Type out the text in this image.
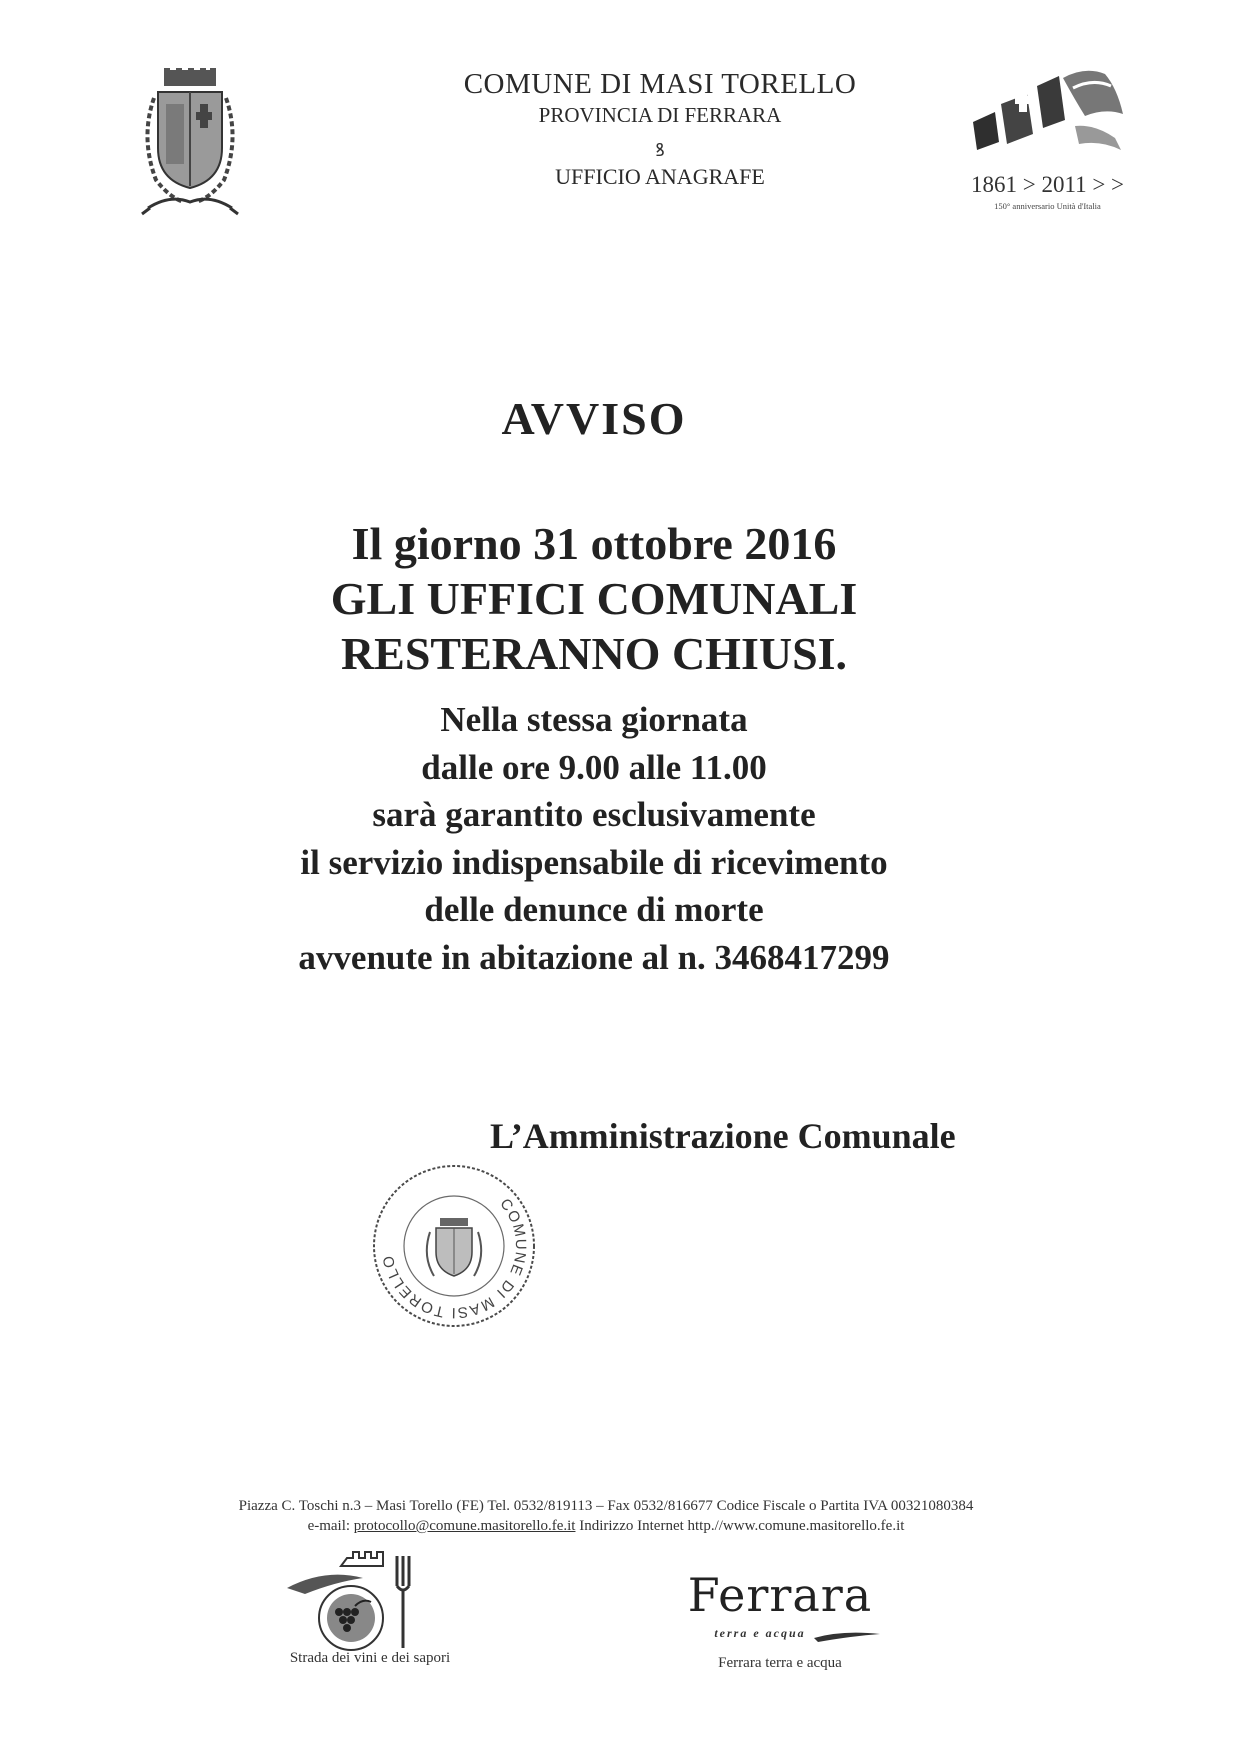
COMUNE DI MASI TORELLO
PROVINCIA DI FERRARA
ꝸ
UFFICIO ANAGRAFE	1861 > 2011 > >
150° anniversario Unità d'Italia
AVVISO
Il giorno 31 ottobre 2016
GLI UFFICI COMUNALI
RESTERANNO CHIUSI.
Nella stessa giornata
dalle ore 9.00 alle 11.00
sarà garantito esclusivamente
il servizio indispensabile di ricevimento
delle denunce di morte
avvenute in abitazione al n. 3468417299
L’Amministrazione Comunale
COMUNE DI MASI TORELLO
Piazza C. Toschi n.3 – Masi Torello (FE) Tel. 0532/819113 – Fax 0532/816677 Codice Fiscale o Partita IVA 00321080384
e-mail: protocollo@comune.masitorello.fe.it Indirizzo Internet http.//www.comune.masitorello.fe.it
Strada dei vini e dei sapori
Ferrara
terra e acqua
Ferrara terra e acqua
